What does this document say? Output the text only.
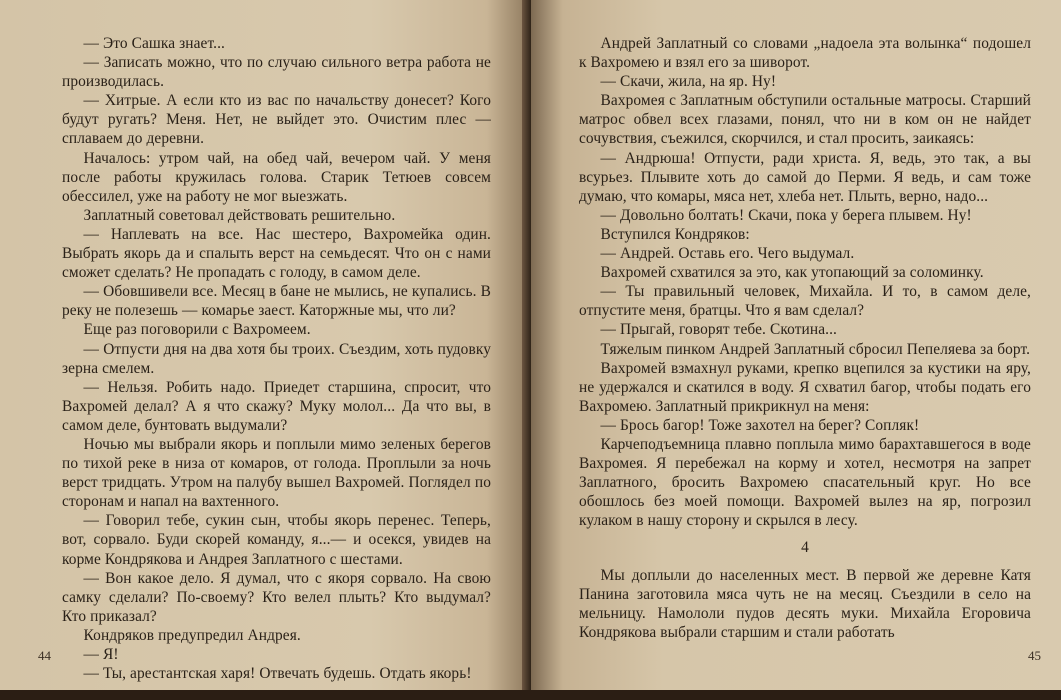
— Это Сашка знает...

— Записать можно, что по случаю сильного ветра работа не производилась.

— Хитрые. А если кто из вас по начальству донесет? Кого будут ругать? Меня. Нет, не выйдет это. Очистим плес — сплаваем до деревни.

Началось: утром чай, на обед чай, вечером чай. У меня после работы кружилась голова. Старик Тетюев совсем обессилел, уже на работу не мог выезжать.

Заплатный советовал действовать решительно.

— Наплевать на все. Нас шестеро, Вахромейка один. Выбрать якорь да и спалыть верст на семьдесят. Что он с нами сможет сделать? Не пропадать с голоду, в самом деле.

— Обовшивели все. Месяц в бане не мылись, не купались. В реку не полезешь — комарье заест. Каторжные мы, что ли?

Еще раз поговорили с Вахромеем.

— Отпусти дня на два хотя бы троих. Съездим, хоть пудовку зерна смелем.

— Нельзя. Робить надо. Приедет старшина, спросит, что Вахромей делал? А я что скажу? Муку молол... Да что вы, в самом деле, бунтовать выдумали?

Ночью мы выбрали якорь и поплыли мимо зеленых берегов по тихой реке в низа от комаров, от голода. Проплыли за ночь верст тридцать. Утром на палубу вышел Вахромей. Поглядел по сторонам и напал на вахтенного.

— Говорил тебе, сукин сын, чтобы якорь перенес. Теперь, вот, сорвало. Буди скорей команду, я...— и осекся, увидев на корме Кондрякова и Андрея Заплатного с шестами.

— Вон какое дело. Я думал, что с якоря сорвало. На свою самку сделали? По-своему? Кто велел плыть? Кто выдумал? Кто приказал?

Кондряков предупредил Андрея.

— Я!

— Ты, арестантская харя! Отвечать будешь. Отдать якорь!

44

Андрей Заплатный со словами „надоела эта волынка“ подошел к Вахромею и взял его за шиворот.

— Скачи, жила, на яр. Ну!

Вахромея с Заплатным обступили остальные матросы. Старший матрос обвел всех глазами, понял, что ни в ком он не найдет сочувствия, съежился, скорчился, и стал просить, заикаясь:

— Андрюша! Отпусти, ради христа. Я, ведь, это так, а вы всурьез. Плывите хоть до самой до Перми. Я ведь, и сам тоже думаю, что комары, мяса нет, хлеба нет. Плыть, верно, надо...

— Довольно болтать! Скачи, пока у берега плывем. Ну!

Вступился Кондряков:

— Андрей. Оставь его. Чего выдумал.

Вахромей схватился за это, как утопающий за соломинку.

— Ты правильный человек, Михайла. И то, в самом деле, отпустите меня, братцы. Что я вам сделал?

— Прыгай, говорят тебе. Скотина...

Тяжелым пинком Андрей Заплатный сбросил Пепеляева за борт.

Вахромей взмахнул руками, крепко вцепился за кустики на яру, не удержался и скатился в воду. Я схватил багор, чтобы подать его Вахромею. Заплатный прикрикнул на меня:

— Брось багор! Тоже захотел на берег? Сопляк!

Карчеподъемница плавно поплыла мимо барахтавшегося в воде Вахромея. Я перебежал на корму и хотел, несмотря на запрет Заплатного, бросить Вахромею спасательный круг. Но все обошлось без моей помощи. Вахромей вылез на яр, погрозил кулаком в нашу сторону и скрылся в лесу.

4

Мы доплыли до населенных мест. В первой же деревне Катя Панина заготовила мяса чуть не на месяц. Съездили в село на мельницу. Намололи пудов десять муки. Михайла Егоровича Кондрякова выбрали старшим и стали работать

45
